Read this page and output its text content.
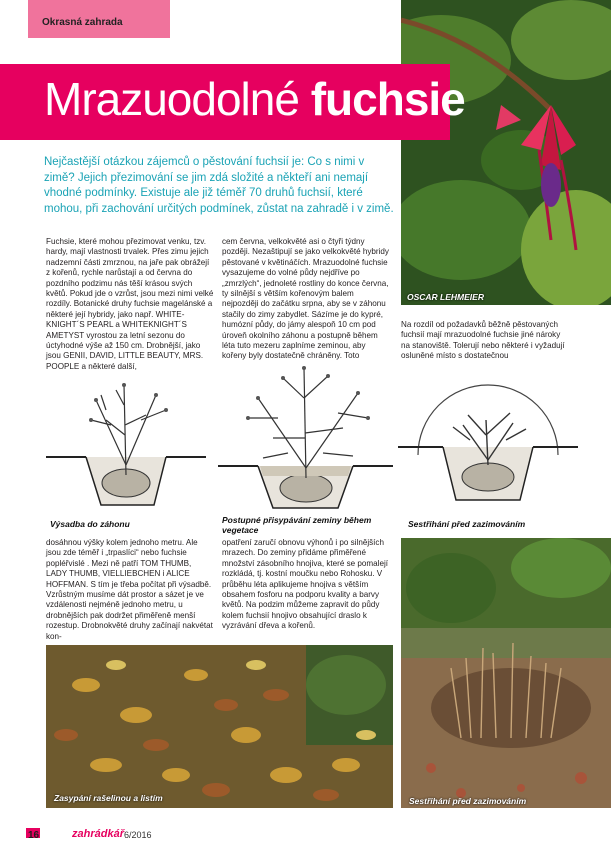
Okrasná zahrada
OSCAR LEHMEIER
Mrazuodolné fuchsie
Nejčastější otázkou zájemců o pěstování fuchsií je: Co s nimi v zimě? Jejich přezimování se jim zdá složité a někteří ani nemají vhodné podmínky. Existuje ale již téměř 70 druhů fuchsií, které mohou, při zachování určitých podmínek, zůstat na zahradě i v zimě.
Fuchsie, které mohou přezimovat venku, tzv. hardy, mají vlastnosti trvalek. Přes zimu jejich nadzemní části zmrznou, na jaře pak obrážejí z kořenů, rychle narůstají a od června do pozdního podzimu nás těší krásou svých květů. Pokud jde o vzrůst, jsou mezi nimi velké rozdíly. Botanické druhy fuchsie magelánské a některé její hybridy, jako např. WHITE-KNIGHT´S PEARL a WHITEKNIGHT´S AMETYST vyrostou za letní sezonu do úctyhodné výše až 150 cm. Drobnější, jako jsou GENII, DAVID, LITTLE BEAUTY, MRS. POOPLE a některé další,
cem června, velkokvěté asi o čtyři týdny později. Nezaštipují se jako velkokvěté hybridy pěstované v květináčích. Mrazuodolné fuchsie vysazujeme do volné půdy nejdříve po „zmrzlých“, jednoleté rostliny do konce června, ty silnější s větším kořenovým balem nejpozději do začátku srpna, aby se v záhonu stačily do zimy zabydlet. Sázíme je do kypré, humózní půdy, do jámy alespoň 10 cm pod úroveň okolního záhonu a postupně během léta tuto mezeru zaplníme zeminou, aby kořeny byly dostatečně chráněny. Toto
Na rozdíl od požadavků běžně pěstovaných fuchsií mají mrazuodolné fuchsie jiné nároky na stanoviště. Tolerují nebo některé i vyžadují osluněné místo s dostatečnou
Výsadba do záhonu	Postupné přisypávání zeminy během vegetace
Sestřihání před zazimováním
dosáhnou výšky kolem jednoho metru. Ale jsou zde téměř i „trpaslíci“ nebo fuchsie popléřvislé . Mezi ně patří TOM THUMB, LADY THUMB, VIELLIEBCHEN i ALICE HOFFMAN. S tím je třeba počítat při výsadbě. Vzrůstným musíme dát prostor a sázet je ve vzdálenosti nejméně jednoho metru, u drobnějších pak dodržet přiměřeně menší rozestup. Drobnokvěté druhy začínají nakvétat kon-
opatření zaručí obnovu výhonů i po silnějších mrazech. Do zeminy přidáme přiměřené množství zásobního hnojiva, které se pomalejí rozkládá, tj. kostní moučku nebo Rohosku. V průběhu léta aplikujeme hnojiva s větším obsahem fosforu na podporu kvality a barvy květů. Na podzim můžeme zapravit do půdy kolem fuchsií hnojivo obsahující draslo k vyzrávání dřeva a kořenů.
Sestřihání před zazimováním
Zasypání rašelinou a listím
16	zahrádkář 6/2016
